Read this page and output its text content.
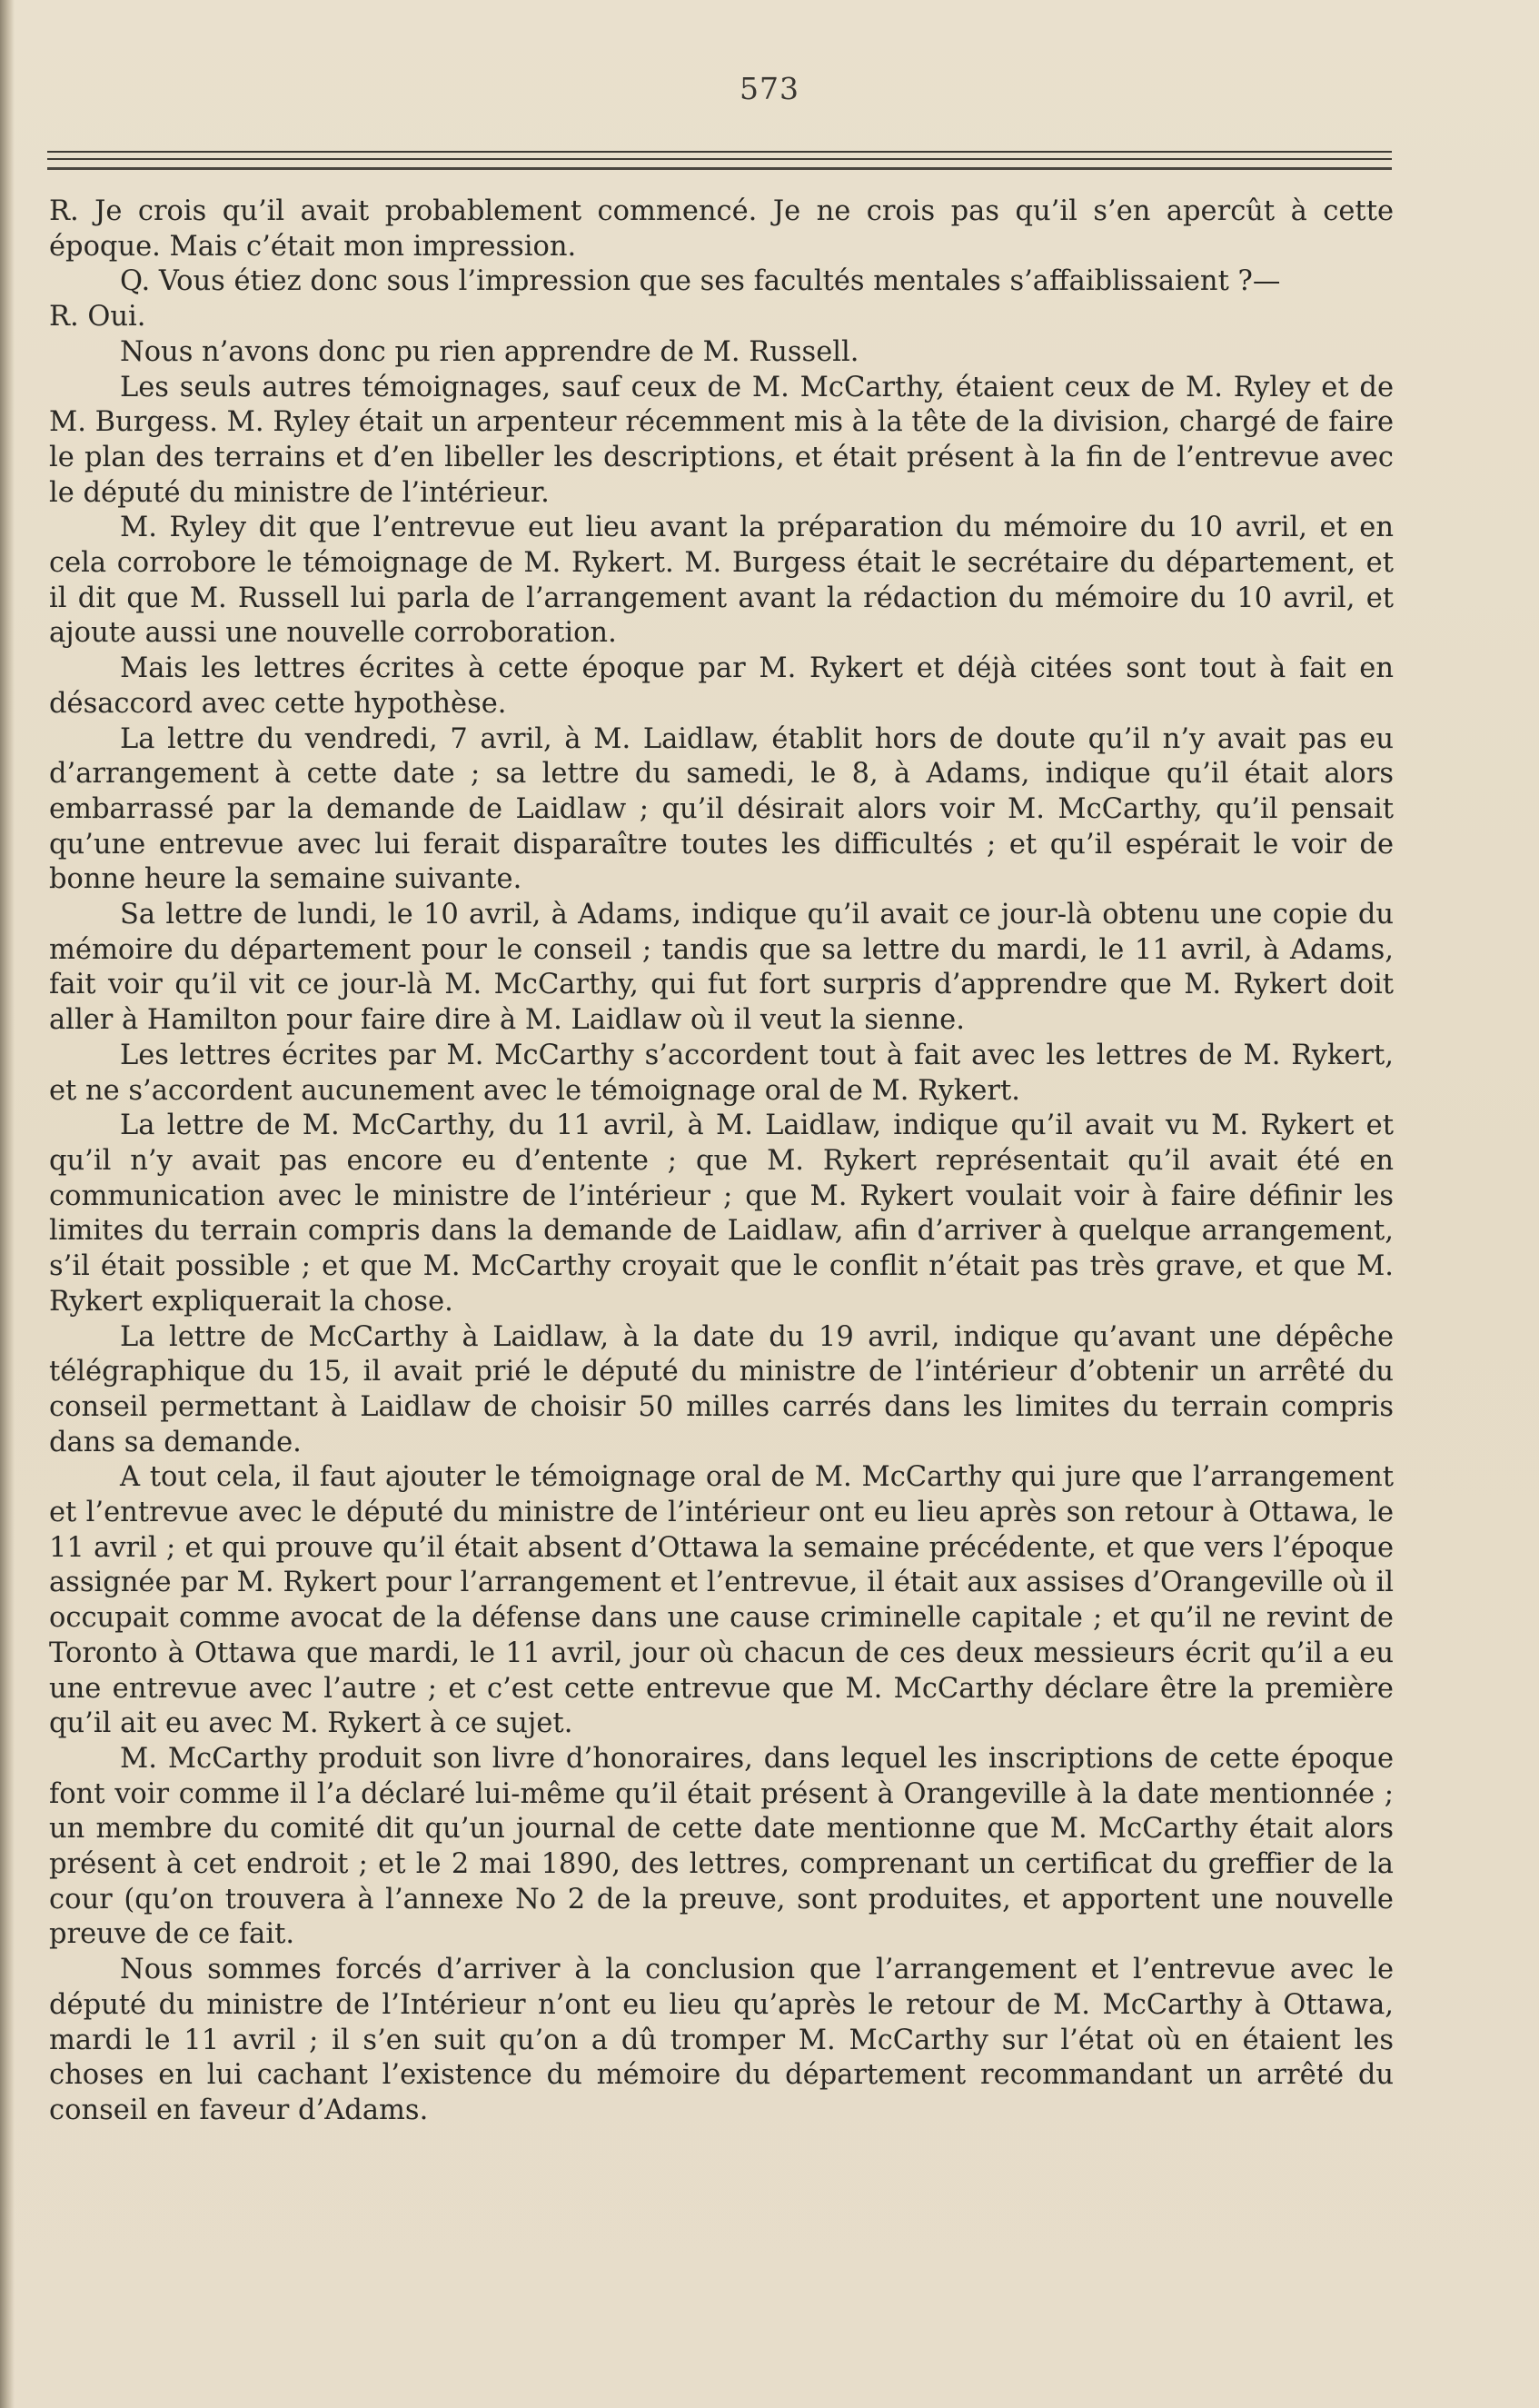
573

R. Je crois qu’il avait probablement commencé. Je ne crois pas qu’il s’en apercût à cette époque. Mais c’était mon impression.

Q. Vous étiez donc sous l’impression que ses facultés mentales s’affaiblissaient ?—

R. Oui.

Nous n’avons donc pu rien apprendre de M. Russell.

Les seuls autres témoignages, sauf ceux de M. McCarthy, étaient ceux de M. Ryley et de M. Burgess. M. Ryley était un arpenteur récemment mis à la tête de la division, chargé de faire le plan des terrains et d’en libeller les descriptions, et était présent à la fin de l’entrevue avec le député du ministre de l’intérieur.

M. Ryley dit que l’entrevue eut lieu avant la préparation du mémoire du 10 avril, et en cela corrobore le témoignage de M. Rykert. M. Burgess était le secrétaire du département, et il dit que M. Russell lui parla de l’arrangement avant la rédaction du mémoire du 10 avril, et ajoute aussi une nouvelle corroboration.

Mais les lettres écrites à cette époque par M. Rykert et déjà citées sont tout à fait en désaccord avec cette hypothèse.

La lettre du vendredi, 7 avril, à M. Laidlaw, établit hors de doute qu’il n’y avait pas eu d’arrangement à cette date ; sa lettre du samedi, le 8, à Adams, indique qu’il était alors embarrassé par la demande de Laidlaw ; qu’il désirait alors voir M. McCarthy, qu’il pensait qu’une entrevue avec lui ferait disparaître toutes les difficultés ; et qu’il espérait le voir de bonne heure la semaine suivante.

Sa lettre de lundi, le 10 avril, à Adams, indique qu’il avait ce jour-là obtenu une copie du mémoire du département pour le conseil ; tandis que sa lettre du mardi, le 11 avril, à Adams, fait voir qu’il vit ce jour-là M. McCarthy, qui fut fort surpris d’apprendre que M. Rykert doit aller à Hamilton pour faire dire à M. Laidlaw où il veut la sienne.

Les lettres écrites par M. McCarthy s’accordent tout à fait avec les lettres de M. Rykert, et ne s’accordent aucunement avec le témoignage oral de M. Rykert.

La lettre de M. McCarthy, du 11 avril, à M. Laidlaw, indique qu’il avait vu M. Rykert et qu’il n’y avait pas encore eu d’entente ; que M. Rykert représentait qu’il avait été en communication avec le ministre de l’intérieur ; que M. Rykert voulait voir à faire définir les limites du terrain compris dans la demande de Laidlaw, afin d’arriver à quelque arrangement, s’il était possible ; et que M. McCarthy croyait que le conflit n’était pas très grave, et que M. Rykert expliquerait la chose.

La lettre de McCarthy à Laidlaw, à la date du 19 avril, indique qu’avant une dépêche télégraphique du 15, il avait prié le député du ministre de l’intérieur d’obtenir un arrêté du conseil permettant à Laidlaw de choisir 50 milles carrés dans les limites du terrain compris dans sa demande.

A tout cela, il faut ajouter le témoignage oral de M. McCarthy qui jure que l’arrangement et l’entrevue avec le député du ministre de l’intérieur ont eu lieu après son retour à Ottawa, le 11 avril ; et qui prouve qu’il était absent d’Ottawa la semaine précédente, et que vers l’époque assignée par M. Rykert pour l’arrangement et l’entrevue, il était aux assises d’Orangeville où il occupait comme avocat de la défense dans une cause criminelle capitale ; et qu’il ne revint de Toronto à Ottawa que mardi, le 11 avril, jour où chacun de ces deux messieurs écrit qu’il a eu une entrevue avec l’autre ; et c’est cette entrevue que M. McCarthy déclare être la première qu’il ait eu avec M. Rykert à ce sujet.

M. McCarthy produit son livre d’honoraires, dans lequel les inscriptions de cette époque font voir comme il l’a déclaré lui-même qu’il était présent à Orangeville à la date mentionnée ; un membre du comité dit qu’un journal de cette date mentionne que M. McCarthy était alors présent à cet endroit ; et le 2 mai 1890, des lettres, comprenant un certificat du greffier de la cour (qu’on trouvera à l’annexe No 2 de la preuve, sont produites, et apportent une nouvelle preuve de ce fait.

Nous sommes forcés d’arriver à la conclusion que l’arrangement et l’entrevue avec le député du ministre de l’Intérieur n’ont eu lieu qu’après le retour de M. McCarthy à Ottawa, mardi le 11 avril ; il s’en suit qu’on a dû tromper M. McCarthy sur l’état où en étaient les choses en lui cachant l’existence du mémoire du département recommandant un arrêté du conseil en faveur d’Adams.
